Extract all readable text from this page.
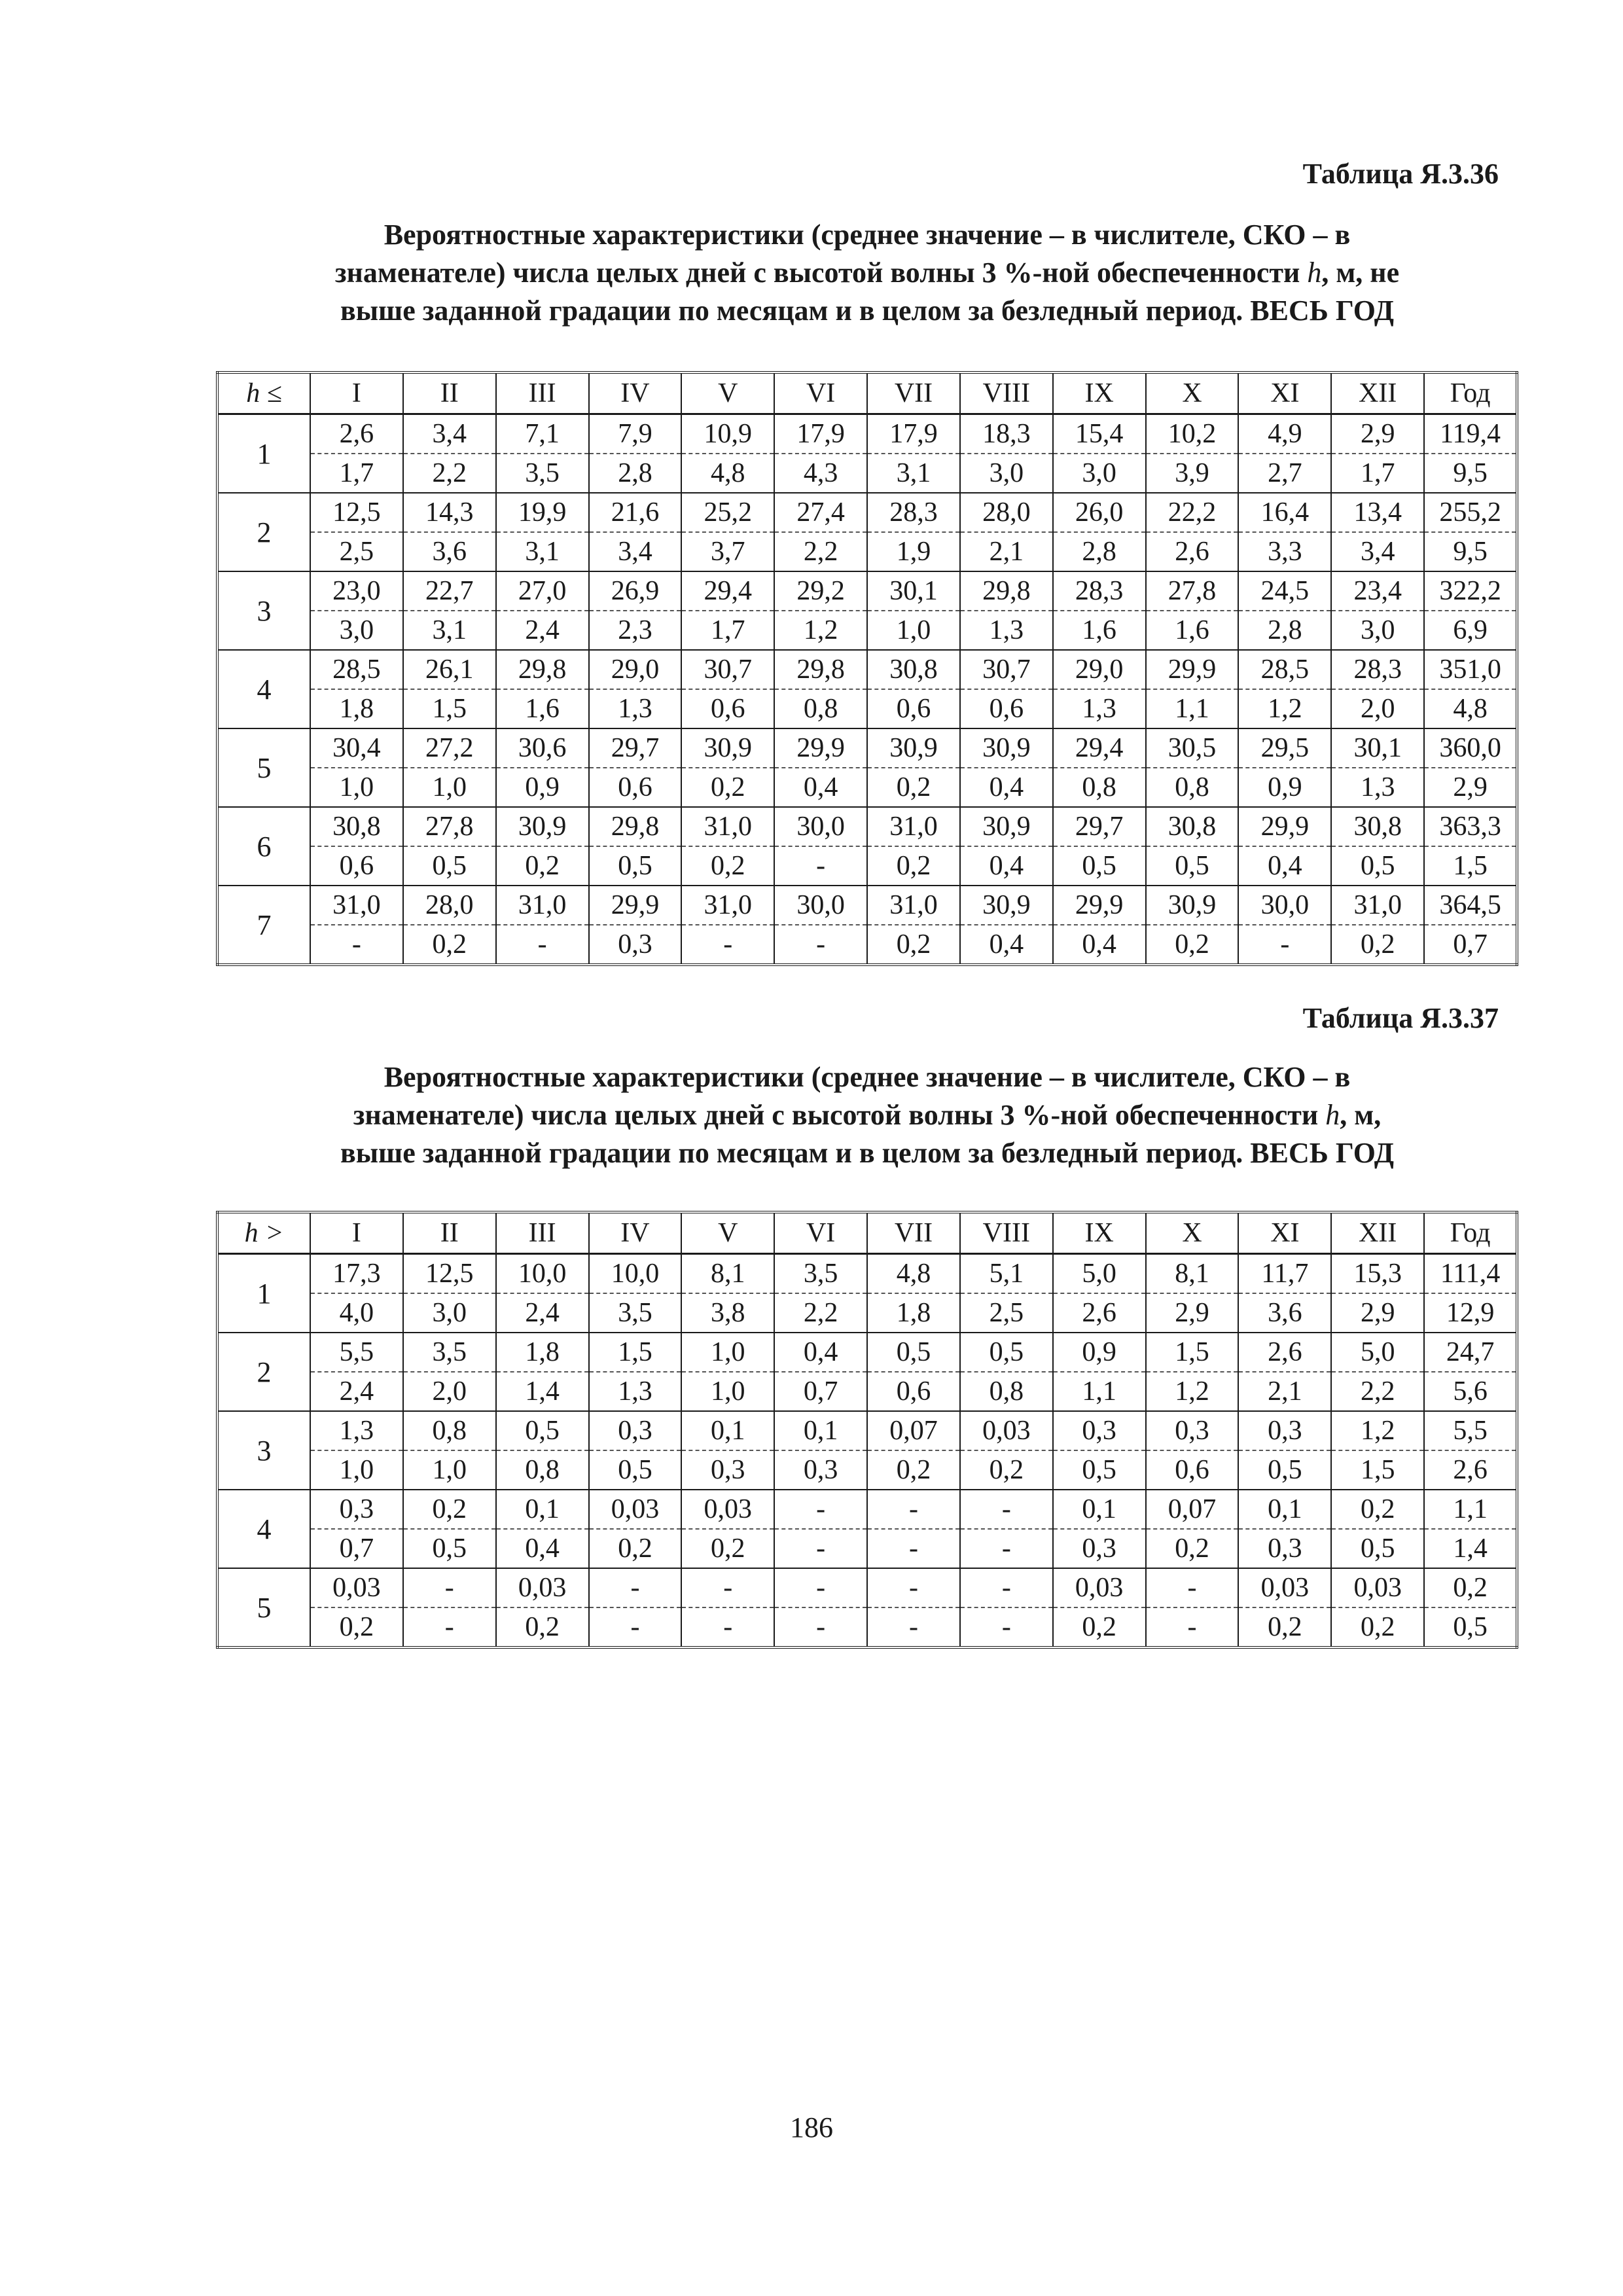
Таблица Я.3.36
Вероятностные характеристики (среднее значение – в числителе, СКО – в
знаменателе) числа целых дней с высотой волны 3 %-ной обеспеченности h, м, не
выше заданной градации по месяцам и в целом за безледный период. ВЕСЬ ГОД
h ≤	I	II	III	IV	V	VI	VII	VIII	IX	X	XI	XII	Год
1	2,6	3,4	7,1	7,9	10,9	17,9	17,9	18,3	15,4	10,2	4,9	2,9	119,4
	1,7	2,2	3,5	2,8	4,8	4,3	3,1	3,0	3,0	3,9	2,7	1,7	9,5
2	12,5	14,3	19,9	21,6	25,2	27,4	28,3	28,0	26,0	22,2	16,4	13,4	255,2
	2,5	3,6	3,1	3,4	3,7	2,2	1,9	2,1	2,8	2,6	3,3	3,4	9,5
3	23,0	22,7	27,0	26,9	29,4	29,2	30,1	29,8	28,3	27,8	24,5	23,4	322,2
	3,0	3,1	2,4	2,3	1,7	1,2	1,0	1,3	1,6	1,6	2,8	3,0	6,9
4	28,5	26,1	29,8	29,0	30,7	29,8	30,8	30,7	29,0	29,9	28,5	28,3	351,0
	1,8	1,5	1,6	1,3	0,6	0,8	0,6	0,6	1,3	1,1	1,2	2,0	4,8
5	30,4	27,2	30,6	29,7	30,9	29,9	30,9	30,9	29,4	30,5	29,5	30,1	360,0
	1,0	1,0	0,9	0,6	0,2	0,4	0,2	0,4	0,8	0,8	0,9	1,3	2,9
6	30,8	27,8	30,9	29,8	31,0	30,0	31,0	30,9	29,7	30,8	29,9	30,8	363,3
	0,6	0,5	0,2	0,5	0,2	-	0,2	0,4	0,5	0,5	0,4	0,5	1,5
7	31,0	28,0	31,0	29,9	31,0	30,0	31,0	30,9	29,9	30,9	30,0	31,0	364,5
	-	0,2	-	0,3	-	-	0,2	0,4	0,4	0,2	-	0,2	0,7
Таблица Я.3.37
Вероятностные характеристики (среднее значение – в числителе, СКО – в
знаменателе) числа целых дней с высотой волны 3 %-ной обеспеченности h, м,
выше заданной градации по месяцам и в целом за безледный период. ВЕСЬ ГОД
h >	I	II	III	IV	V	VI	VII	VIII	IX	X	XI	XII	Год
1	17,3	12,5	10,0	10,0	8,1	3,5	4,8	5,1	5,0	8,1	11,7	15,3	111,4
	4,0	3,0	2,4	3,5	3,8	2,2	1,8	2,5	2,6	2,9	3,6	2,9	12,9
2	5,5	3,5	1,8	1,5	1,0	0,4	0,5	0,5	0,9	1,5	2,6	5,0	24,7
	2,4	2,0	1,4	1,3	1,0	0,7	0,6	0,8	1,1	1,2	2,1	2,2	5,6
3	1,3	0,8	0,5	0,3	0,1	0,1	0,07	0,03	0,3	0,3	0,3	1,2	5,5
	1,0	1,0	0,8	0,5	0,3	0,3	0,2	0,2	0,5	0,6	0,5	1,5	2,6
4	0,3	0,2	0,1	0,03	0,03	-	-	-	0,1	0,07	0,1	0,2	1,1
	0,7	0,5	0,4	0,2	0,2	-	-	-	0,3	0,2	0,3	0,5	1,4
5	0,03	-	0,03	-	-	-	-	-	0,03	-	0,03	0,03	0,2
	0,2	-	0,2	-	-	-	-	-	0,2	-	0,2	0,2	0,5
186
